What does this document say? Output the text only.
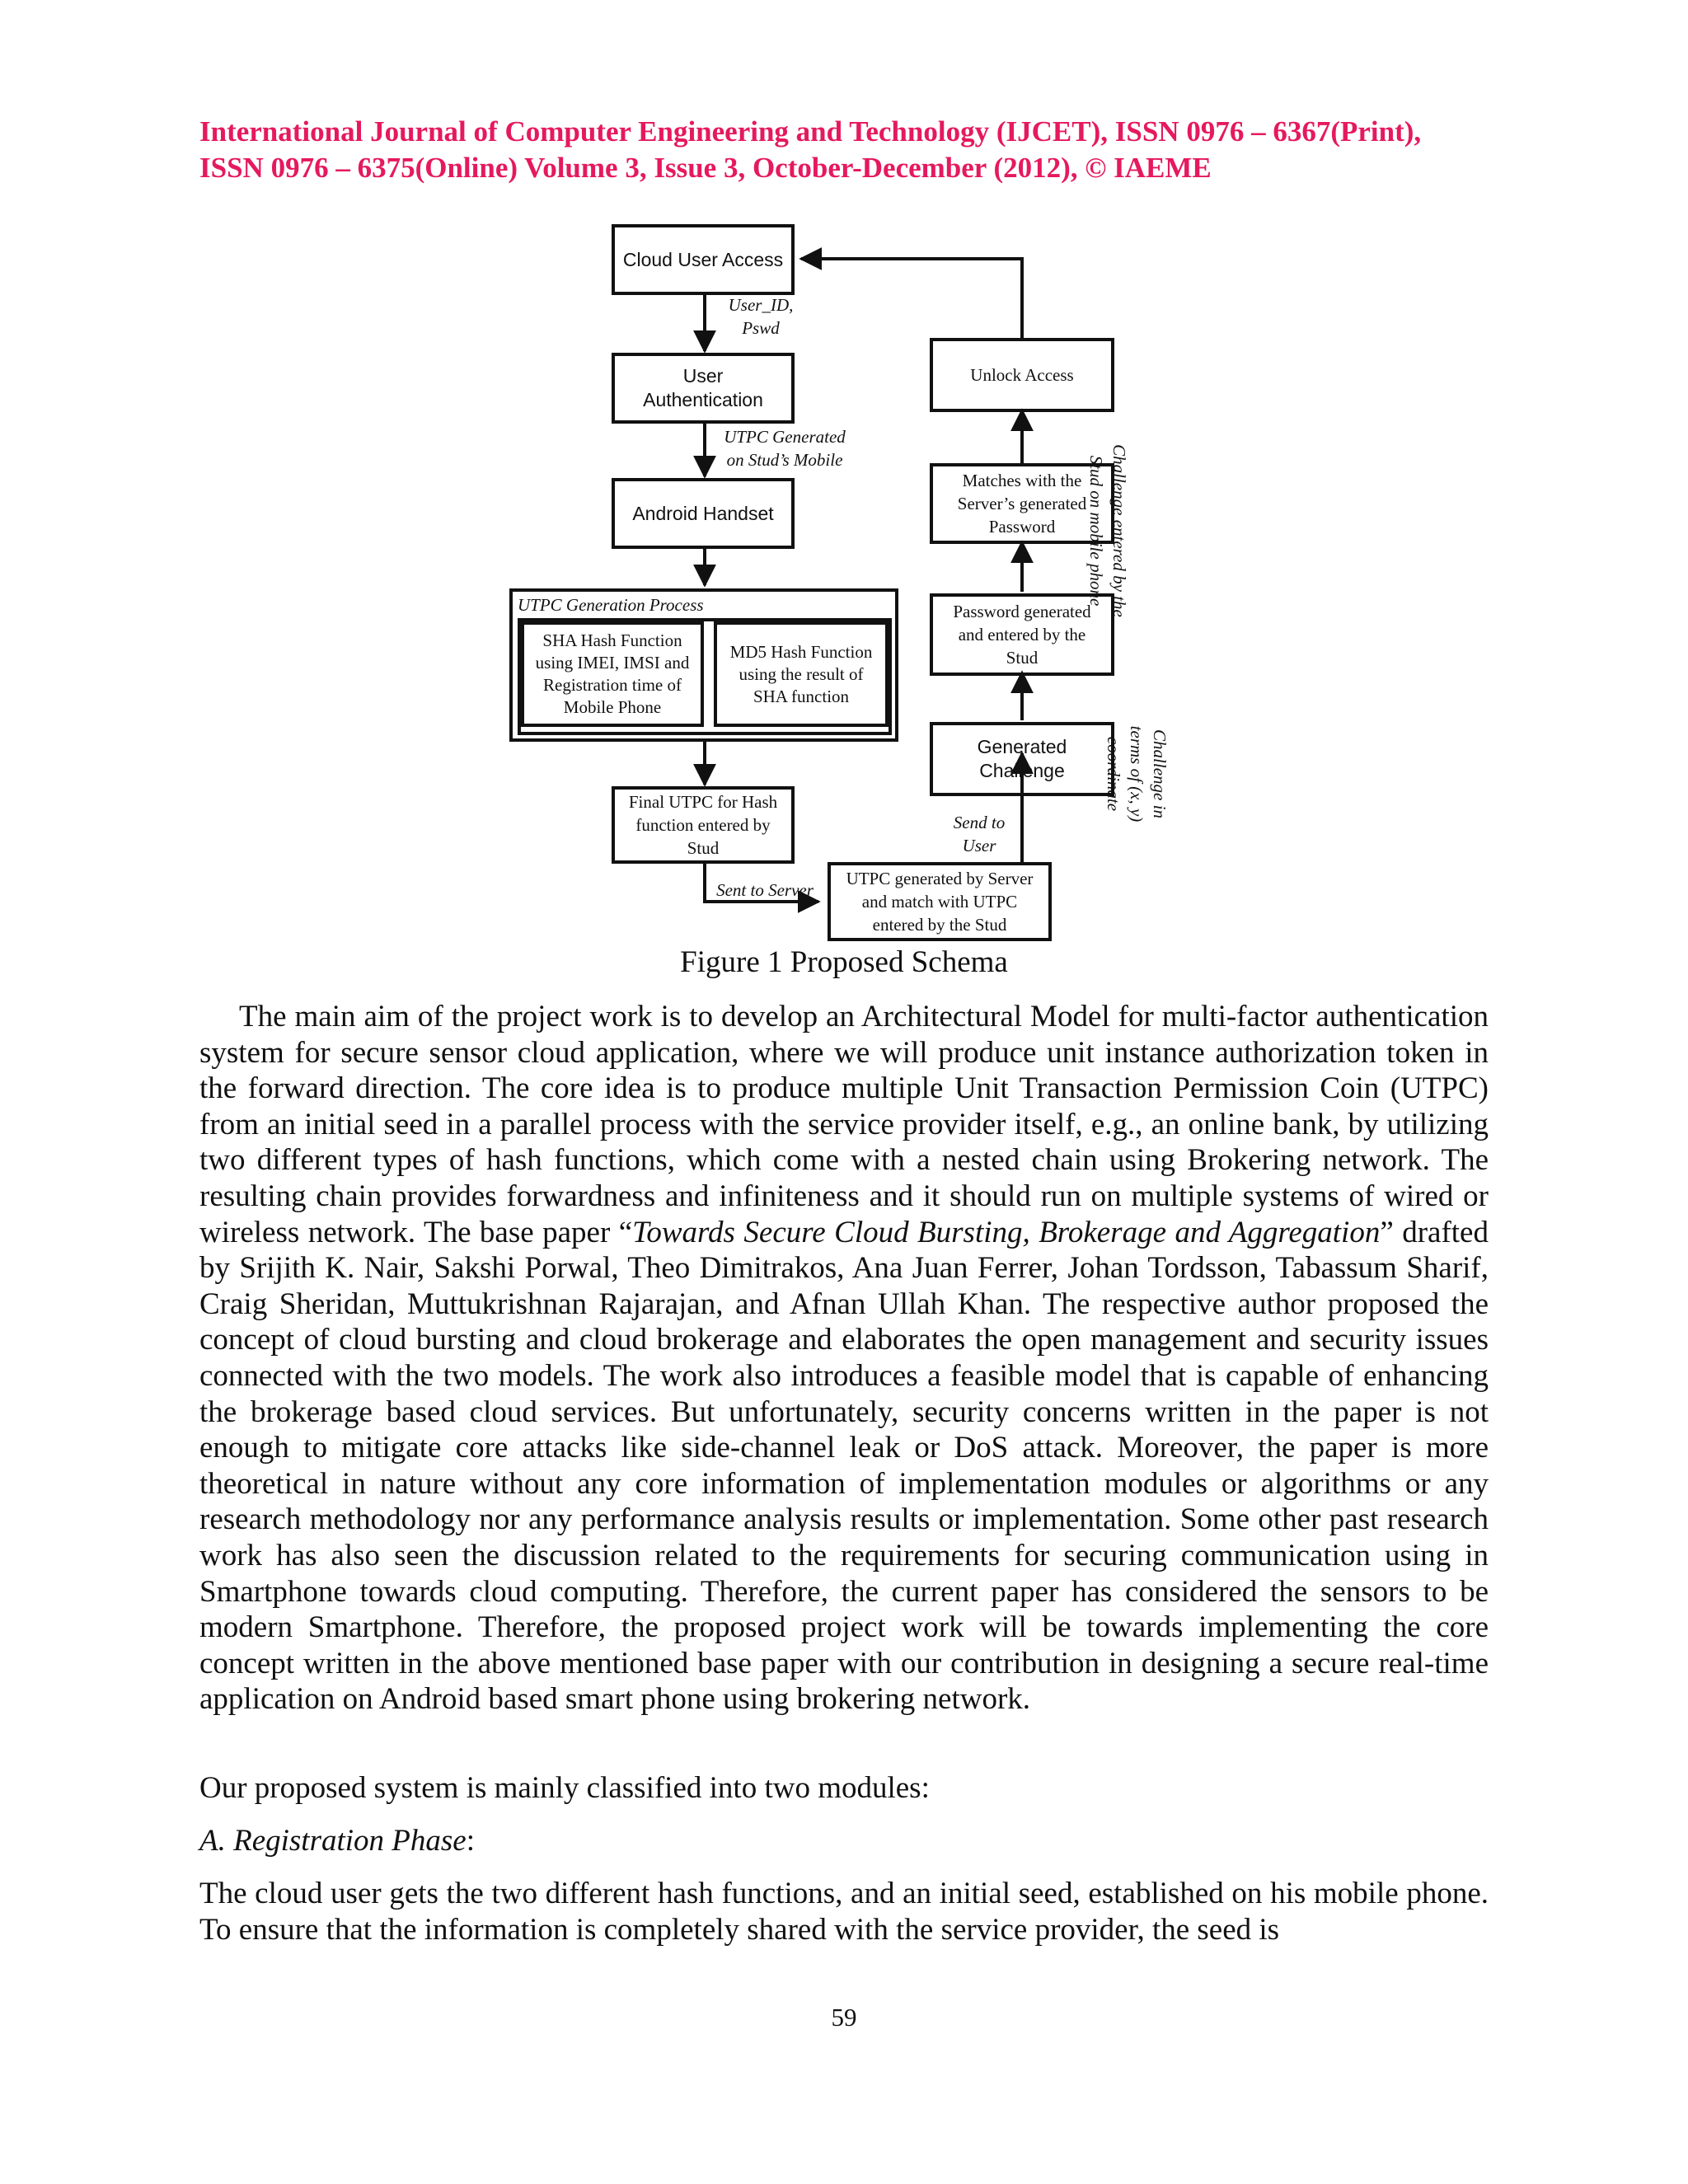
International Journal of Computer Engineering and Technology (IJCET), ISSN 0976 – 6367(Print),
ISSN 0976 – 6375(Online) Volume 3, Issue 3, October-December (2012), © IAEME
Cloud User Access
User_ID,
Pswd
User
Authentication
UTPC Generated
on Stud’s Mobile
Android Handset
UTPC Generation Process
SHA Hash Function
using IMEI, IMSI and
Registration time of
Mobile Phone
MD5 Hash Function
using the result of
SHA function
Final UTPC for Hash
function entered by
Stud
Sent to Server
UTPC generated by Server
and match with UTPC
entered by the Stud
Send to
User
Generated
Challenge
Password generated
and entered by the
Stud
Matches with the
Server’s generated
Password
Unlock Access
Challenge in
terms of (x, y)
coordinate
Challenge entered by the
Stud on mobile phone
Figure 1 Proposed Schema
The main aim of the project work is to develop an Architectural Model for multi-factor authentication system for secure sensor cloud application, where we will produce unit instance authorization token in the forward direction. The core idea is to produce multiple Unit Transaction Permission Coin (UTPC) from an initial seed in a parallel process with the service provider itself, e.g., an online bank, by utilizing two different types of hash functions, which come with a nested chain using Brokering network. The resulting chain provides forwardness and infiniteness and it should run on multiple systems of wired or wireless network. The base paper “Towards Secure Cloud Bursting, Brokerage and Aggregation” drafted by Srijith K. Nair, Sakshi Porwal, Theo Dimitrakos, Ana Juan Ferrer, Johan Tordsson, Tabassum Sharif, Craig Sheridan, Muttukrishnan Rajarajan, and Afnan Ullah Khan. The respective author proposed the concept of cloud bursting and cloud brokerage and elaborates the open management and security issues connected with the two models. The work also introduces a feasible model that is capable of enhancing the brokerage based cloud services. But unfortunately, security concerns written in the paper is not enough to mitigate core attacks like side-channel leak or DoS attack. Moreover, the paper is more theoretical in nature without any core information of implementation modules or algorithms or any research methodology nor any performance analysis results or implementation. Some other past research work has also seen the discussion related to the requirements for securing communication using in Smartphone towards cloud computing. Therefore, the current paper has considered the sensors to be modern Smartphone. Therefore, the proposed project work will be towards implementing the core concept written in the above mentioned base paper with our contribution in designing a secure real-time application on Android based smart phone using brokering network.
Our proposed system is mainly classified into two modules:
A. Registration Phase:
The cloud user gets the two different hash functions, and an initial seed, established on his mobile phone. To ensure that the information is completely shared with the service provider, the seed is
59
